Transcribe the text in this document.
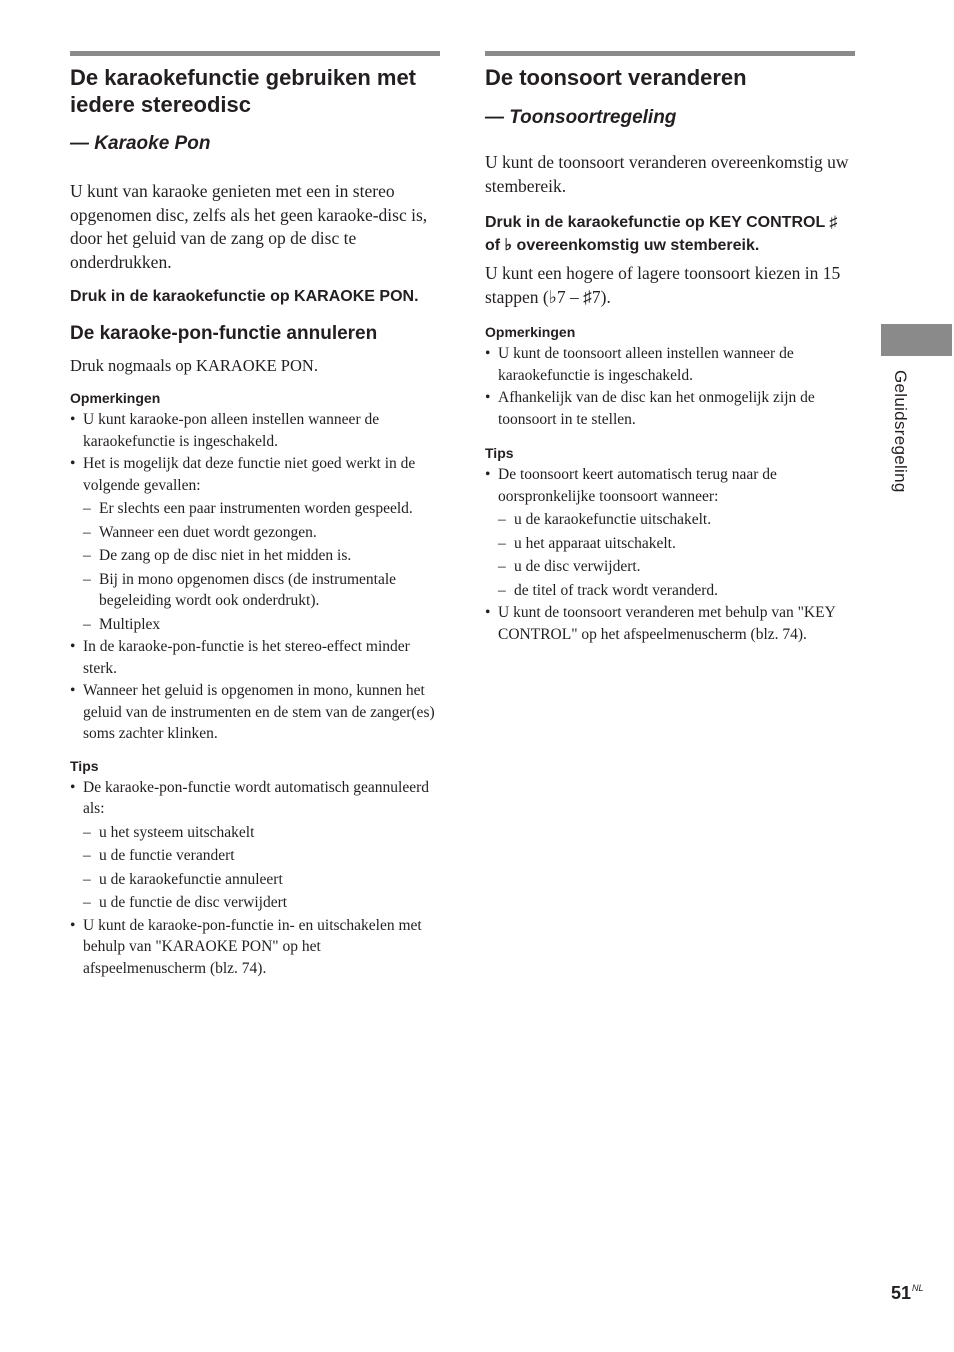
De karaokefunctie gebruiken met iedere stereodisc
— Karaoke Pon

U kunt van karaoke genieten met een in stereo opgenomen disc, zelfs als het geen karaoke-disc is, door het geluid van de zang op de disc te onderdrukken.

Druk in de karaokefunctie op KARAOKE PON.
De karaoke-pon-functie annuleren

Druk nogmaals op KARAOKE PON.

Opmerkingen
• U kunt karaoke-pon alleen instellen wanneer de karaokefunctie is ingeschakeld.
• Het is mogelijk dat deze functie niet goed werkt in de volgende gevallen:
– Er slechts een paar instrumenten worden gespeeld.
– Wanneer een duet wordt gezongen.
– De zang op de disc niet in het midden is.
– Bij in mono opgenomen discs (de instrumentale begeleiding wordt ook onderdrukt).
– Multiplex
• In de karaoke-pon-functie is het stereo-effect minder sterk.
• Wanneer het geluid is opgenomen in mono, kunnen het geluid van de instrumenten en de stem van de zanger(es) soms zachter klinken.
Tips
• De karaoke-pon-functie wordt automatisch geannuleerd als:
– u het systeem uitschakelt
– u de functie verandert
– u de karaokefunctie annuleert
– u de functie de disc verwijdert
• U kunt de karaoke-pon-functie in- en uitschakelen met behulp van "KARAOKE PON" op het afspeelmenuscherm (blz. 74).
De toonsoort veranderen
— Toonsoortregeling

U kunt de toonsoort veranderen overeenkomstig uw stembereik.

Druk in de karaokefunctie op KEY CONTROL ♯ of ♭ overeenkomstig uw stembereik.

U kunt een hogere of lagere toonsoort kiezen in 15 stappen (♭7 – ♯7).

Opmerkingen
• U kunt de toonsoort alleen instellen wanneer de karaokefunctie is ingeschakeld.
• Afhankelijk van de disc kan het onmogelijk zijn de toonsoort in te stellen.
Tips
• De toonsoort keert automatisch terug naar de oorspronkelijke toonsoort wanneer:
– u de karaokefunctie uitschakelt.
– u het apparaat uitschakelt.
– u de disc verwijdert.
– de titel of track wordt veranderd.
• U kunt de toonsoort veranderen met behulp van "KEY CONTROL" op het afspeelmenuscherm (blz. 74).
Geluidsregeling
$51^{NL}$
